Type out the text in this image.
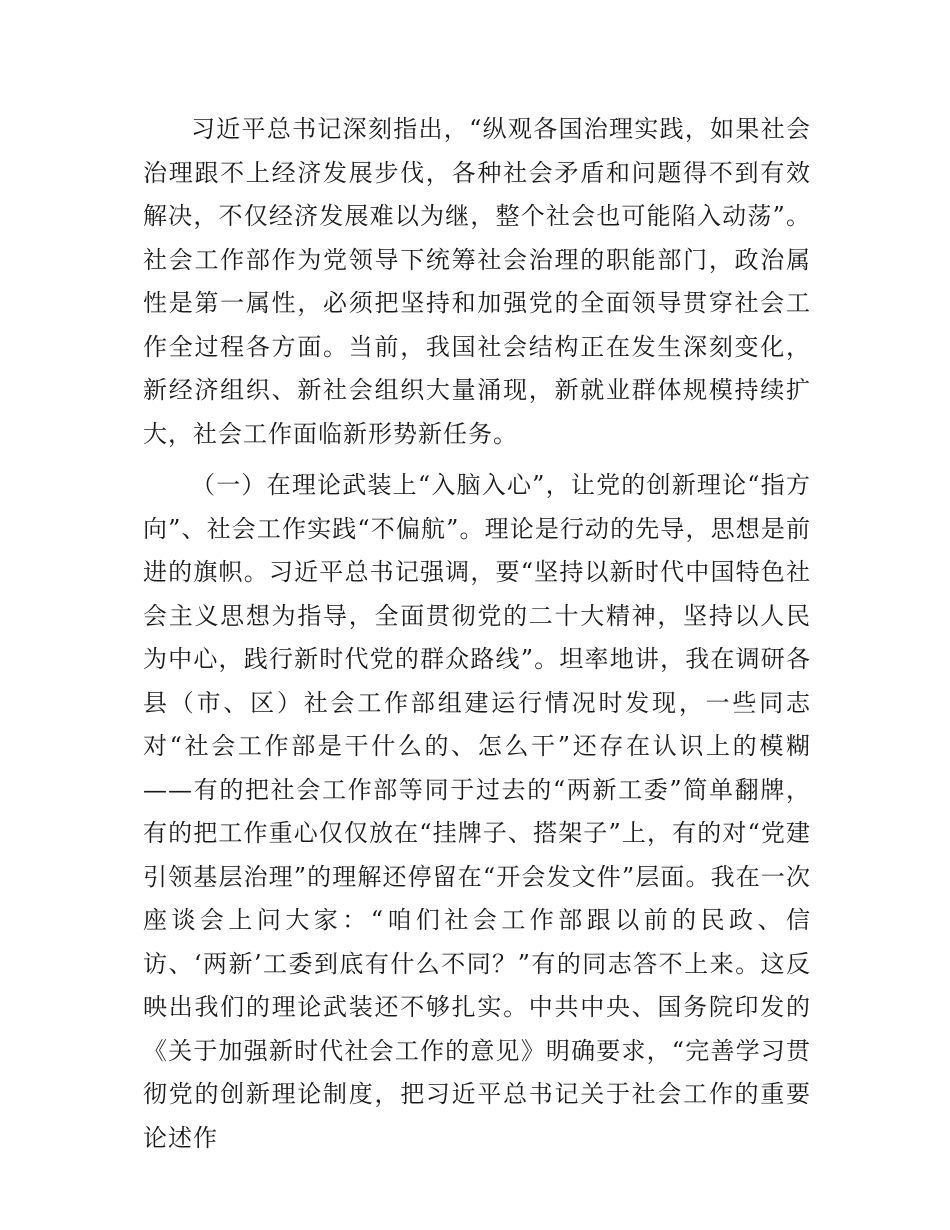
习近平总书记深刻指出，“纵观各国治理实践，如果社会治理跟不上经济发展步伐，各种社会矛盾和问题得不到有效解决，不仅经济发展难以为继，整个社会也可能陷入动荡”。社会工作部作为党领导下统筹社会治理的职能部门，政治属性是第一属性，必须把坚持和加强党的全面领导贯穿社会工作全过程各方面。当前，我国社会结构正在发生深刻变化，新经济组织、新社会组织大量涌现，新就业群体规模持续扩大，社会工作面临新形势新任务。

（一）在理论武装上“入脑入心”，让党的创新理论“指方向”、社会工作实践“不偏航”。理论是行动的先导，思想是前进的旗帜。习近平总书记强调，要“坚持以新时代中国特色社会主义思想为指导，全面贯彻党的二十大精神，坚持以人民为中心，践行新时代党的群众路线”。坦率地讲，我在调研各县（市、区）社会工作部组建运行情况时发现，一些同志对“社会工作部是干什么的、怎么干”还存在认识上的模糊——有的把社会工作部等同于过去的“两新工委”简单翻牌，有的把工作重心仅仅放在“挂牌子、搭架子”上，有的对“党建引领基层治理”的理解还停留在“开会发文件”层面。我在一次座谈会上问大家：“咱们社会工作部跟以前的民政、信访、‘两新’工委到底有什么不同？”有的同志答不上来。这反映出我们的理论武装还不够扎实。中共中央、国务院印发的《关于加强新时代社会工作的意见》明确要求，“完善学习贯彻党的创新理论制度，把习近平总书记关于社会工作的重要论述作
